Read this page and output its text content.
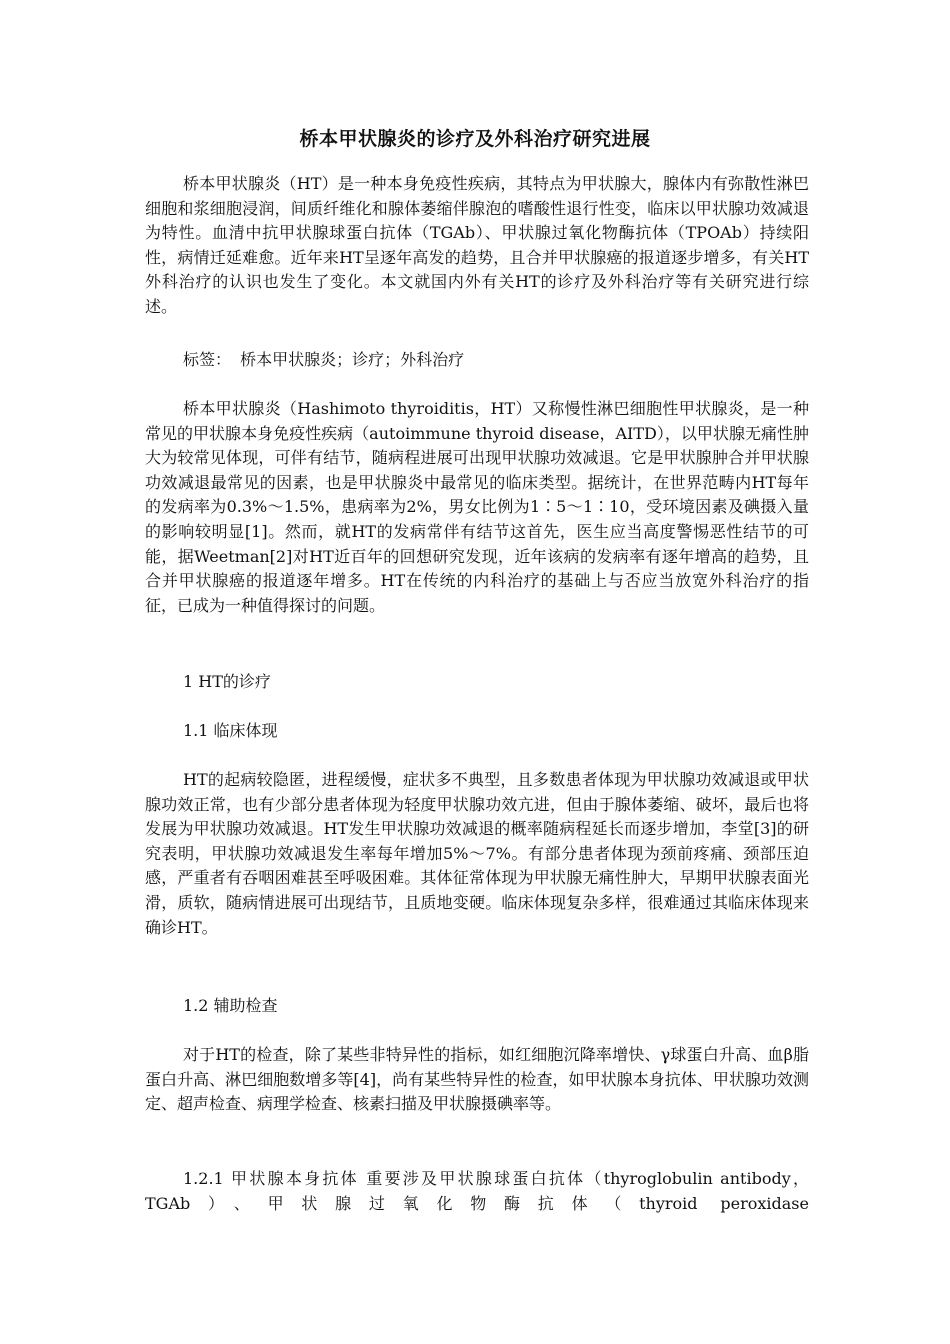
桥本甲状腺炎的诊疗及外科治疗研究进展

桥本甲状腺炎（HT）是一种本身免疫性疾病，其特点为甲状腺大，腺体内有弥散性淋巴细胞和浆细胞浸润，间质纤维化和腺体萎缩伴腺泡的嗜酸性退行性变，临床以甲状腺功效减退为特性。血清中抗甲状腺球蛋白抗体（TGAb）、甲状腺过氧化物酶抗体（TPOAb）持续阳性，病情迁延难愈。近年来HT呈逐年高发的趋势，且合并甲状腺癌的报道逐步增多，有关HT外科治疗的认识也发生了变化。本文就国内外有关HT的诊疗及外科治疗等有关研究进行综述。

标签： 桥本甲状腺炎；诊疗；外科治疗

桥本甲状腺炎（Hashimoto thyroiditis，HT）又称慢性淋巴细胞性甲状腺炎，是一种常见的甲状腺本身免疫性疾病（autoimmune thyroid disease，AITD），以甲状腺无痛性肿大为较常见体现，可伴有结节，随病程进展可出现甲状腺功效减退。它是甲状腺肿合并甲状腺功效减退最常见的因素，也是甲状腺炎中最常见的临床类型。据统计，在世界范畴内HT每年的发病率为0.3%～1.5%，患病率为2%，男女比例为1∶5～1∶10，受环境因素及碘摄入量的影响较明显[1]。然而，就HT的发病常伴有结节这首先，医生应当高度警惕恶性结节的可能，据Weetman[2]对HT近百年的回想研究发现，近年该病的发病率有逐年增高的趋势，且合并甲状腺癌的报道逐年增多。HT在传统的内科治疗的基础上与否应当放宽外科治疗的指征，已成为一种值得探讨的问题。

1 HT的诊疗
1.1 临床体现

HT的起病较隐匿，进程缓慢，症状多不典型，且多数患者体现为甲状腺功效减退或甲状腺功效正常，也有少部分患者体现为轻度甲状腺功效亢进，但由于腺体萎缩、破坏，最后也将发展为甲状腺功效减退。HT发生甲状腺功效减退的概率随病程延长而逐步增加，李堂[3]的研究表明，甲状腺功效减退发生率每年增加5%～7%。有部分患者体现为颈前疼痛、颈部压迫感，严重者有吞咽困难甚至呼吸困难。其体征常体现为甲状腺无痛性肿大，早期甲状腺表面光滑，质软，随病情进展可出现结节，且质地变硬。临床体现复杂多样，很难通过其临床体现来确诊HT。

1.2 辅助检查

对于HT的检查，除了某些非特异性的指标，如红细胞沉降率增快、γ球蛋白升高、血β脂蛋白升高、淋巴细胞数增多等[4]，尚有某些特异性的检查，如甲状腺本身抗体、甲状腺功效测定、超声检查、病理学检查、核素扫描及甲状腺摄碘率等。

1.2.1 甲状腺本身抗体 重要涉及甲状腺球蛋白抗体（thyroglobulin antibody，TGAb）、甲状腺过氧化物酶抗体（thyroid peroxidase
